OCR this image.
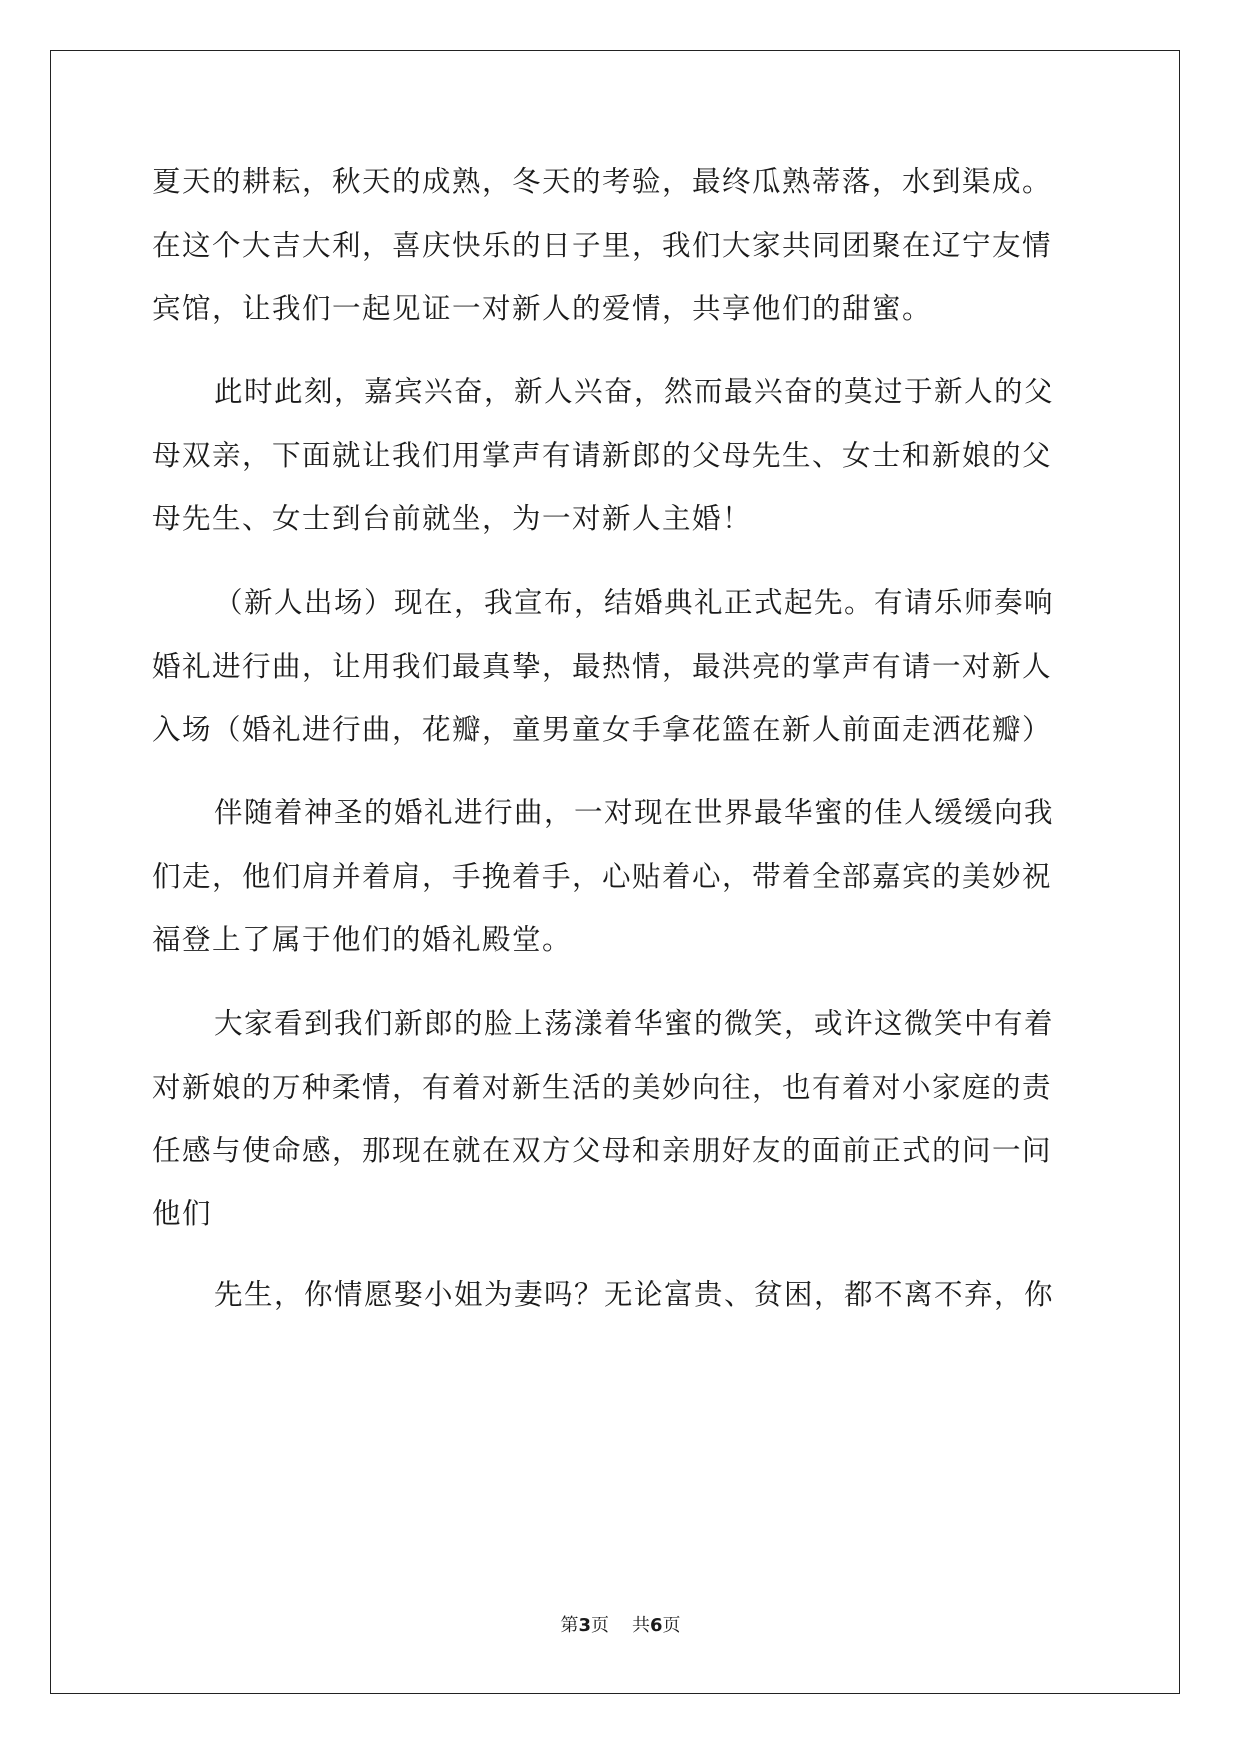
夏天的耕耘，秋天的成熟，冬天的考验，最终瓜熟蒂落，水到渠成。
在这个大吉大利，喜庆快乐的日子里，我们大家共同团聚在辽宁友情
宾馆，让我们一起见证一对新人的爱情，共享他们的甜蜜。
此时此刻，嘉宾兴奋，新人兴奋，然而最兴奋的莫过于新人的父
母双亲，下面就让我们用掌声有请新郎的父母先生、女士和新娘的父
母先生、女士到台前就坐，为一对新人主婚！
（新人出场）现在，我宣布，结婚典礼正式起先。有请乐师奏响
婚礼进行曲，让用我们最真挚，最热情，最洪亮的掌声有请一对新人
入场（婚礼进行曲，花瓣，童男童女手拿花篮在新人前面走洒花瓣）
伴随着神圣的婚礼进行曲，一对现在世界最华蜜的佳人缓缓向我
们走，他们肩并着肩，手挽着手，心贴着心，带着全部嘉宾的美妙祝
福登上了属于他们的婚礼殿堂。
大家看到我们新郎的脸上荡漾着华蜜的微笑，或许这微笑中有着
对新娘的万种柔情，有着对新生活的美妙向往，也有着对小家庭的责
任感与使命感，那现在就在双方父母和亲朋好友的面前正式的问一问
他们
先生，你情愿娶小姐为妻吗？无论富贵、贫困，都不离不弃，你
第3页 共6页
